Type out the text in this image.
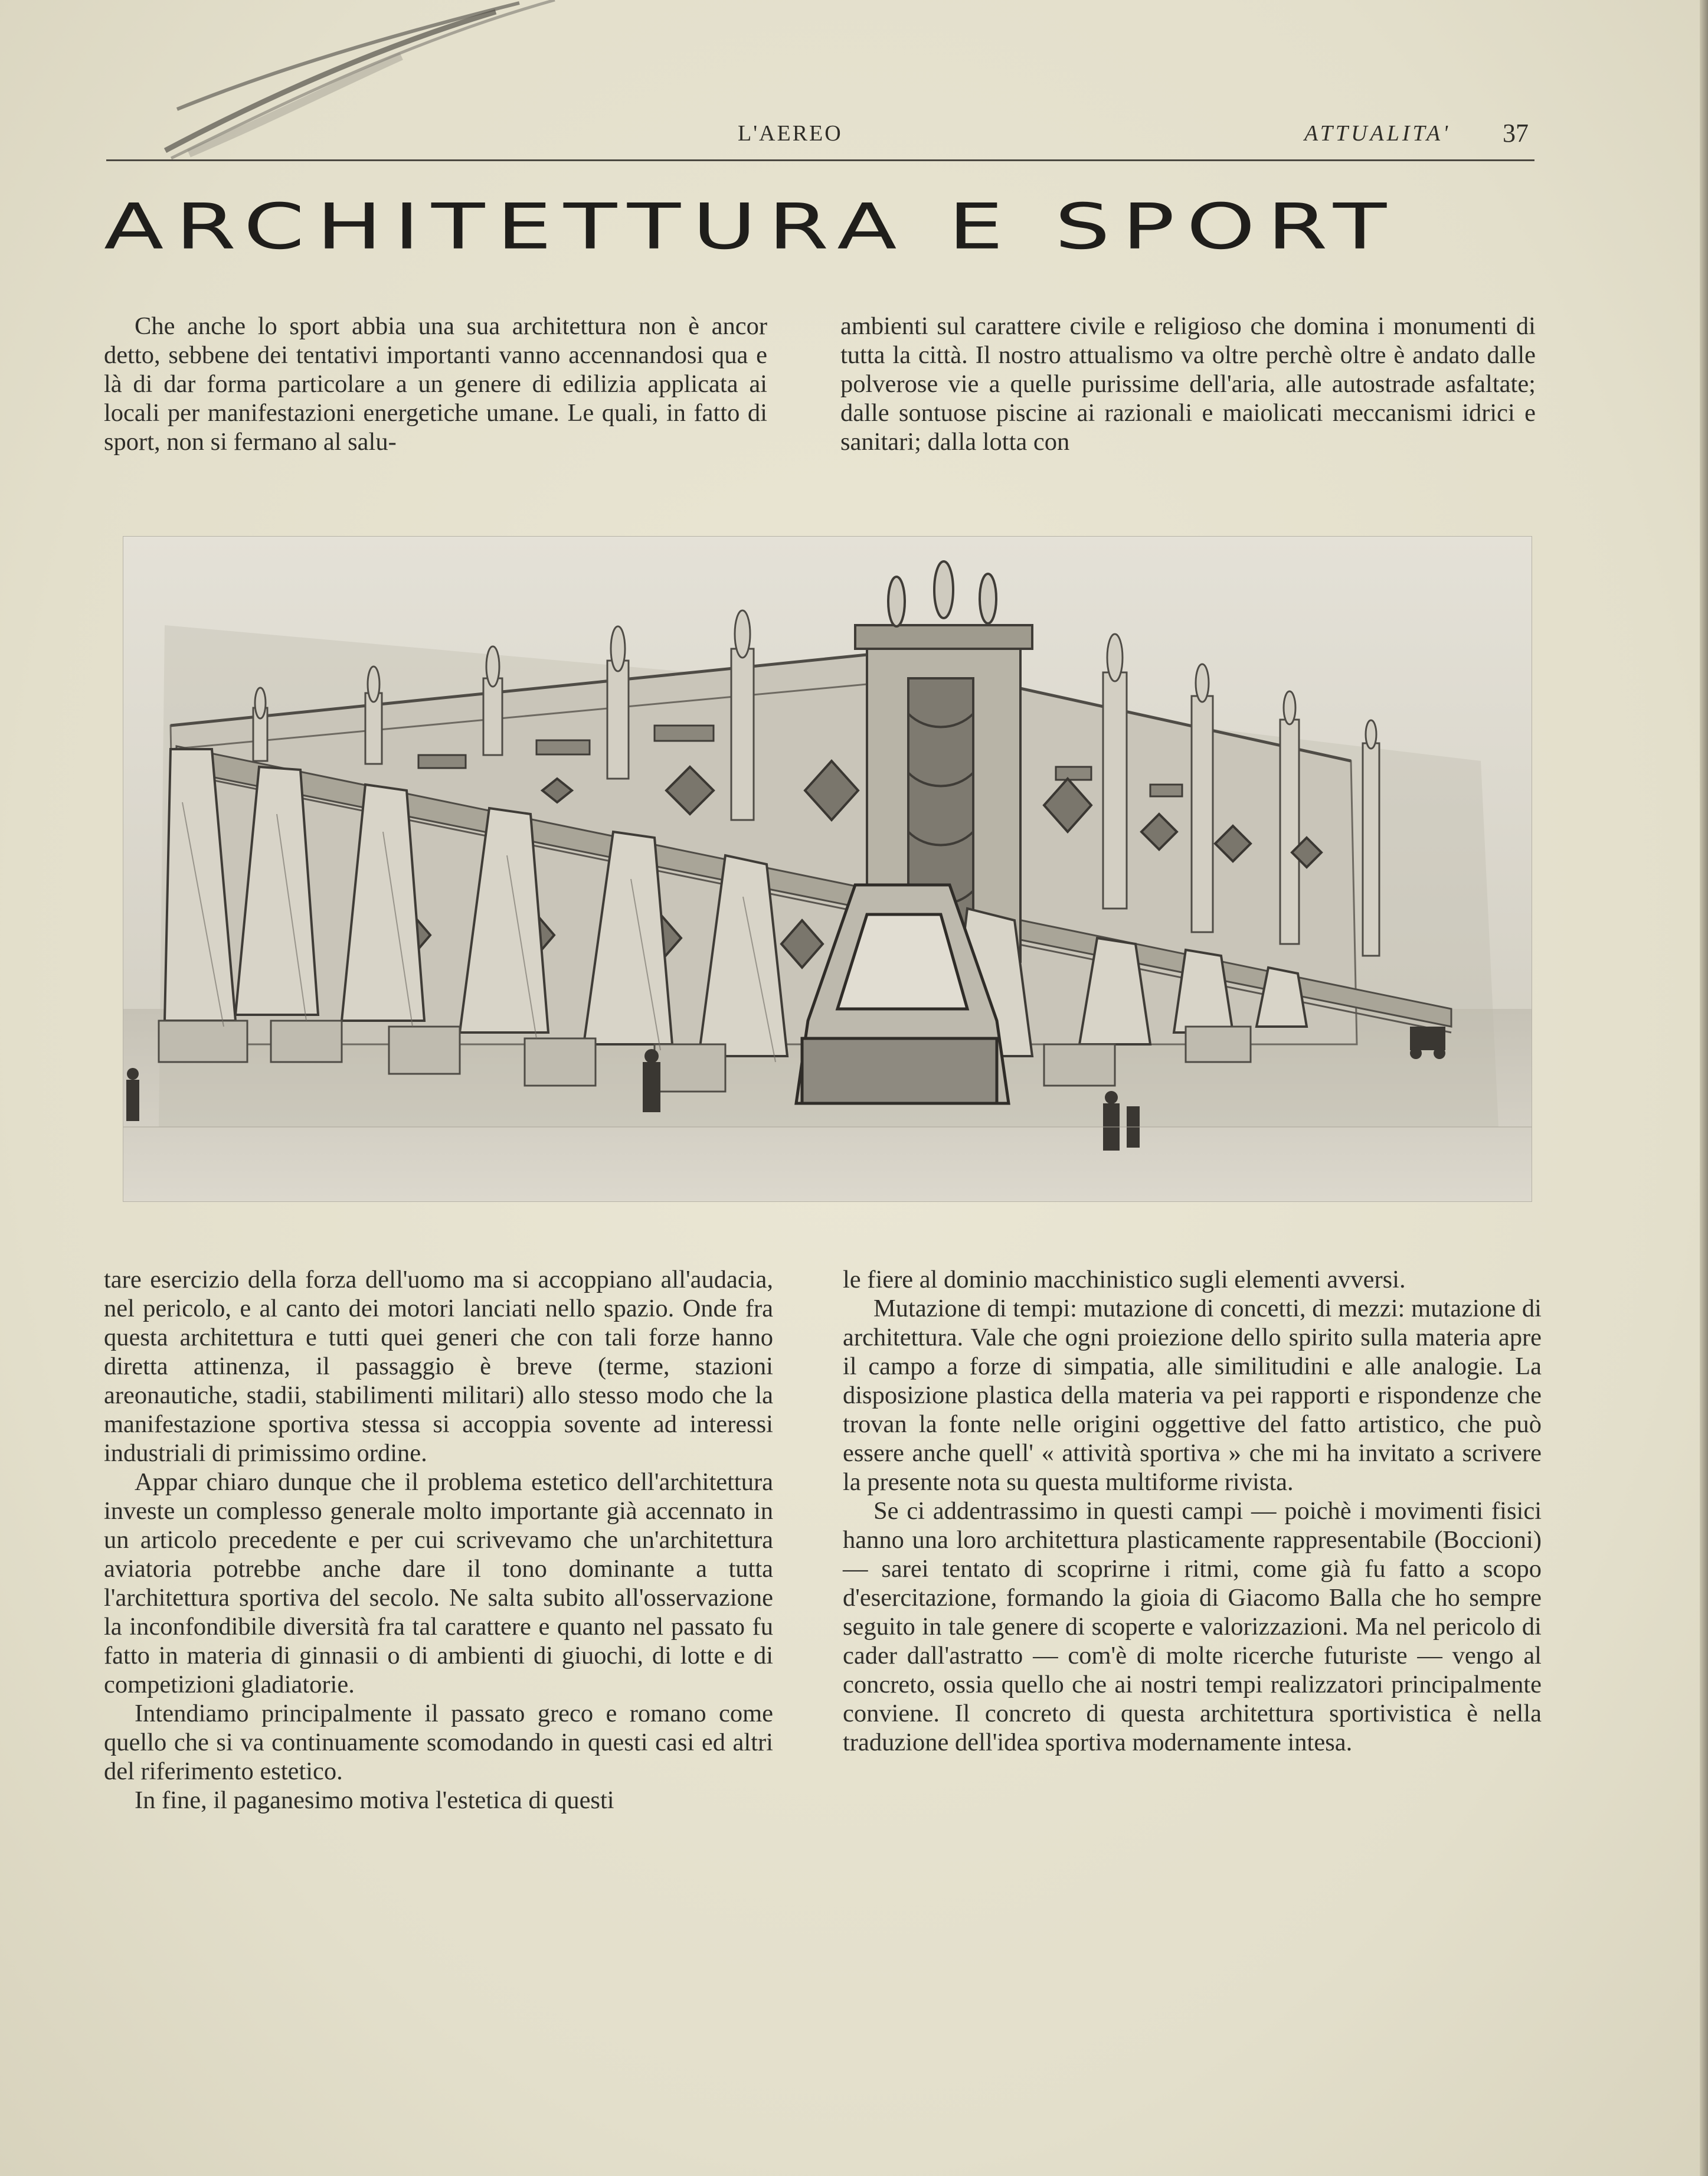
L'AEREO	ATTUALITA' 37
ARCHITETTURA E SPORT

Che anche lo sport abbia una sua architettura non è ancor detto, sebbene dei tentativi importanti vanno accennandosi qua e là di dar forma particolare a un genere di edilizia applicata ai locali per manifestazioni energetiche umane. Le quali, in fatto di sport, non si fermano al salu-

ambienti sul carattere civile e religioso che domina i monumenti di tutta la città. Il nostro attualismo va oltre perchè oltre è andato dalle polverose vie a quelle purissime dell'aria, alle autostrade asfaltate; dalle sontuose piscine ai razionali e maiolicati meccanismi idrici e sanitari; dalla lotta con

tare esercizio della forza dell'uomo ma si accoppiano all'audacia, nel pericolo, e al canto dei motori lanciati nello spazio. Onde fra questa architettura e tutti quei generi che con tali forze hanno diretta attinenza, il passaggio è breve (terme, stazioni areonautiche, stadii, stabilimenti militari) allo stesso modo che la manifestazione sportiva stessa si accoppia sovente ad interessi industriali di primissimo ordine.

Appar chiaro dunque che il problema estetico dell'architettura investe un complesso generale molto importante già accennato in un articolo precedente e per cui scrivevamo che un'architettura aviatoria potrebbe anche dare il tono dominante a tutta l'architettura sportiva del secolo. Ne salta subito all'osservazione la inconfondibile diversità fra tal carattere e quanto nel passato fu fatto in materia di ginnasii o di ambienti di giuochi, di lotte e di competizioni gladiatorie.

Intendiamo principalmente il passato greco e romano come quello che si va continuamente scomodando in questi casi ed altri del riferimento estetico.

In fine, il paganesimo motiva l'estetica di questi

le fiere al dominio macchinistico sugli elementi avversi.

Mutazione di tempi: mutazione di concetti, di mezzi: mutazione di architettura. Vale che ogni proiezione dello spirito sulla materia apre il campo a forze di simpatia, alle similitudini e alle analogie. La disposizione plastica della materia va pei rapporti e rispondenze che trovan la fonte nelle origini oggettive del fatto artistico, che può essere anche quell' « attività sportiva » che mi ha invitato a scrivere la presente nota su questa multiforme rivista.

Se ci addentrassimo in questi campi — poichè i movimenti fisici hanno una loro architettura plasticamente rappresentabile (Boccioni) — sarei tentato di scoprirne i ritmi, come già fu fatto a scopo d'esercitazione, formando la gioia di Giacomo Balla che ho sempre seguito in tale genere di scoperte e valorizzazioni. Ma nel pericolo di cader dall'astratto — com'è di molte ricerche futuriste — vengo al concreto, ossia quello che ai nostri tempi realizzatori principalmente conviene. Il concreto di questa architettura sportivistica è nella traduzione dell'idea sportiva modernamente intesa.
